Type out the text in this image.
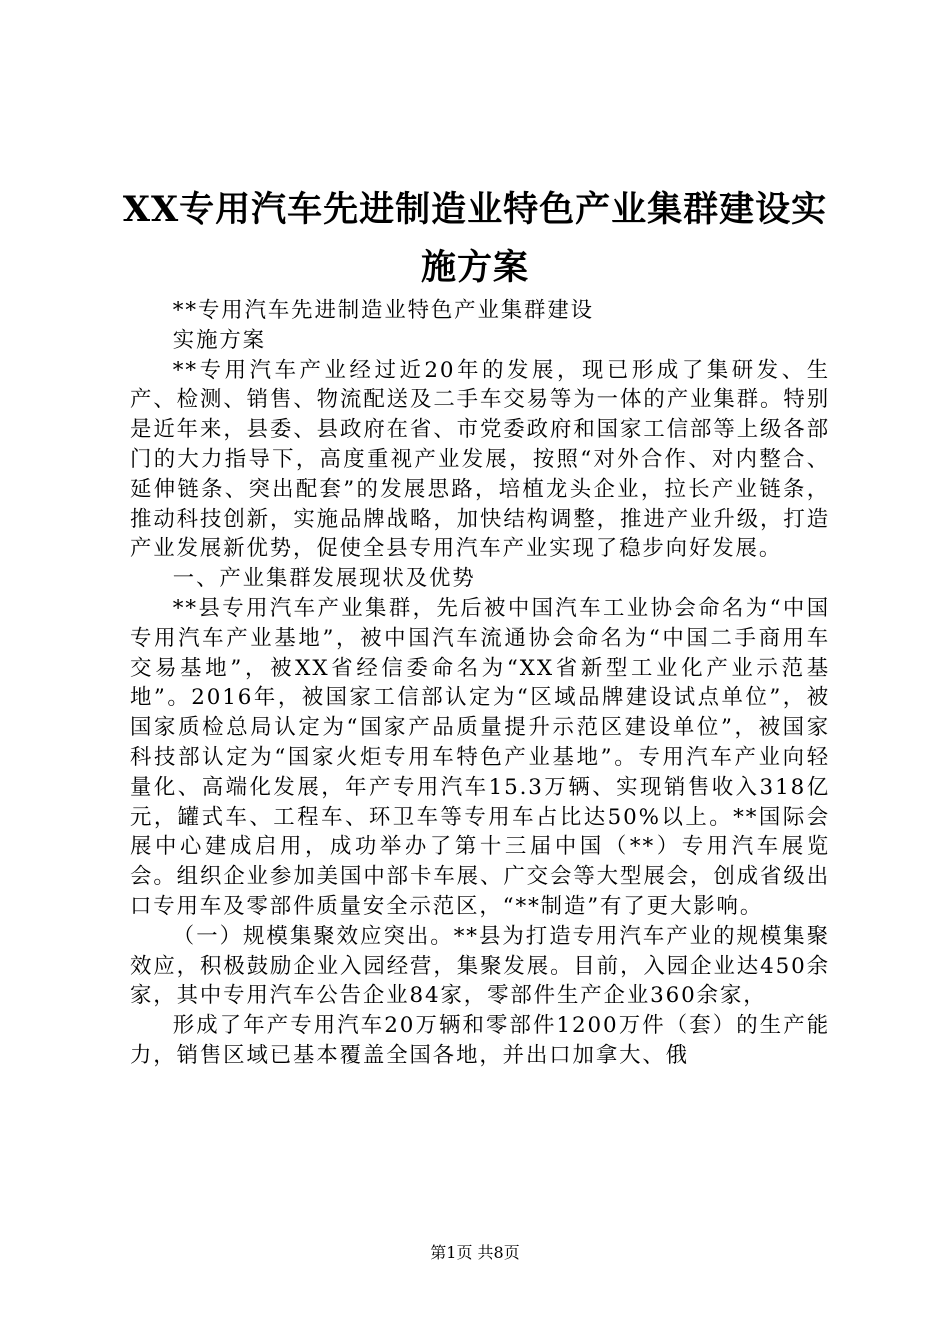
XX专用汽车先进制造业特色产业集群建设实
施方案

**专用汽车先进制造业特色产业集群建设

实施方案

**专用汽车产业经过近20年的发展，现已形成了集研发、生产、检测、销售、物流配送及二手车交易等为一体的产业集群。特别是近年来，县委、县政府在省、市党委政府和国家工信部等上级各部门的大力指导下，高度重视产业发展，按照“对外合作、对内整合、延伸链条、突出配套”的发展思路，培植龙头企业，拉长产业链条，推动科技创新，实施品牌战略，加快结构调整，推进产业升级，打造产业发展新优势，促使全县专用汽车产业实现了稳步向好发展。

一、产业集群发展现状及优势

**县专用汽车产业集群，先后被中国汽车工业协会命名为“中国专用汽车产业基地”，被中国汽车流通协会命名为“中国二手商用车交易基地”，被XX省经信委命名为“XX省新型工业化产业示范基地”。2016年，被国家工信部认定为“区域品牌建设试点单位”，被国家质检总局认定为“国家产品质量提升示范区建设单位”，被国家科技部认定为“国家火炬专用车特色产业基地”。专用汽车产业向轻量化、高端化发展，年产专用汽车15.3万辆、实现销售收入318亿元，罐式车、工程车、环卫车等专用车占比达50%以上。**国际会展中心建成启用，成功举办了第十三届中国（**）专用汽车展览会。组织企业参加美国中部卡车展、广交会等大型展会，创成省级出口专用车及零部件质量安全示范区，“**制造”有了更大影响。

（一）规模集聚效应突出。**县为打造专用汽车产业的规模集聚效应，积极鼓励企业入园经营，集聚发展。目前，入园企业达450余家，其中专用汽车公告企业84家，零部件生产企业360余家，

形成了年产专用汽车20万辆和零部件1200万件（套）的生产能力，销售区域已基本覆盖全国各地，并出口加拿大、俄

第1页 共8页
